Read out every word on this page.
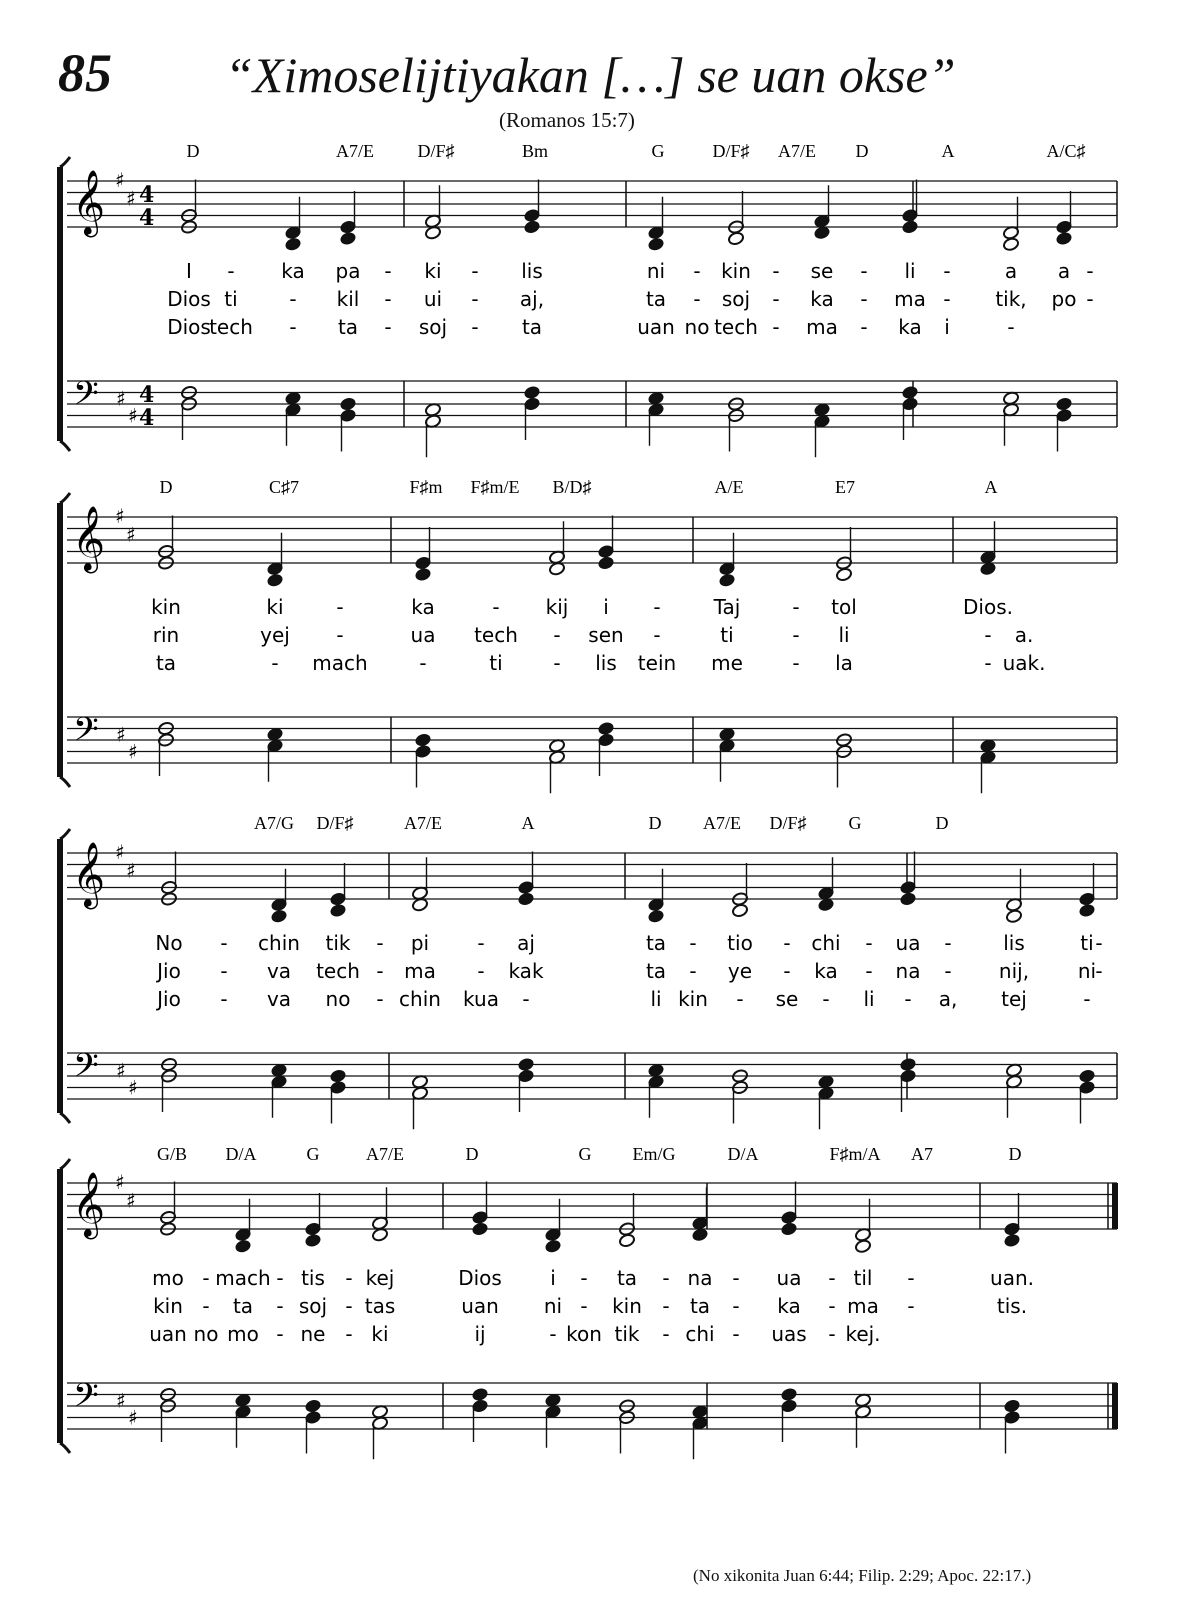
85 “Ximoselijtiyakan […] se uan okse”
(Romanos 15:7)
(No xikonita Juan 6:44; Filip. 2:29; Apoc. 22:17.)
D	A7/E D/F♯	Bm	G	D/F♯ A7/E D	A	A/C♯
I - ka pa - ki - lis	ni - kin - se - li -	a a -
Dios ti	- kil - ui - aj,	ta - soj - ka - ma - tik, po -
Dios
tech - ta - soj - ta	uan no tech - ma - ka i	-
𝄞 ♯
♯ 4
4
𝄢 ♯
♯
4
4
D	C♯7	F♯m F♯m/E B/D♯	A/E	E7	A
kin	ki	-	ka	- kij i -	Taj	- tol	Dios.
rin	yej -	ua tech - sen -	ti	- li	- a.
ta	- mach	-	ti	- lis tein me - la	- uak.
𝄞 ♯
♯
𝄢 ♯
♯
A7/G D/F♯	A7/E	A	D A7/E D/F♯ G	D
No - chin tik - pi - aj	ta - tio - chi - ua -	lis	ti -
Jio - va tech - ma - kak	ta - ye - ka - na - nij, ni -
Jio - va no - chin kua -	li kin - se - li - a, tej	-
𝄞 ♯
♯
𝄢 ♯
♯
G/B D/A	G	A7/E	D	G Em/G	D/A	F♯m/A A7	D
mo - mach - tis - kej	Dios i - ta - na - ua - til -	uan.
kin - ta - soj - tas	uan ni - kin - ta - ka - ma -	tis.
uan no mo - ne - ki	ij	- kon tik - chi - uas - kej.
𝄞 ♯
♯
𝄢 ♯
♯
